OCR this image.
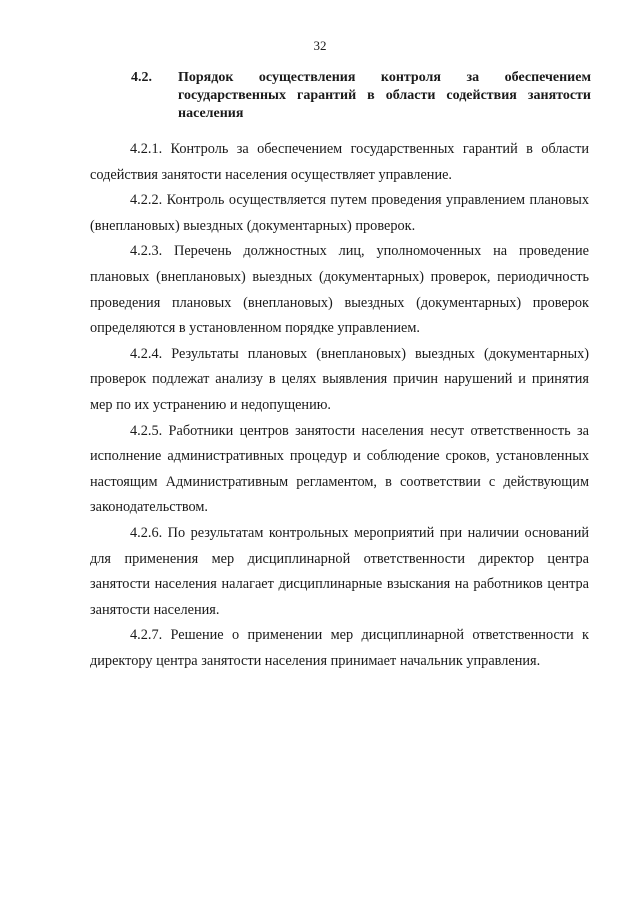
32
4.2. Порядок осуществления контроля за обеспечением государственных гарантий в области содействия занятости населения

4.2.1. Контроль за обеспечением государственных гарантий в области содействия занятости населения осуществляет управление.

4.2.2. Контроль осуществляется путем проведения управлением плановых (внеплановых) выездных (документарных) проверок.

4.2.3. Перечень должностных лиц, уполномоченных на проведение плановых (внеплановых) выездных (документарных) проверок, периодичность проведения плановых (внеплановых) выездных (документарных) проверок определяются в установленном порядке управлением.

4.2.4. Результаты плановых (внеплановых) выездных (документарных) проверок подлежат анализу в целях выявления причин нарушений и принятия мер по их устранению и недопущению.

4.2.5. Работники центров занятости населения несут ответственность за исполнение административных процедур и соблюдение сроков, установленных настоящим Административным регламентом, в соответствии с действующим законодательством.

4.2.6. По результатам контрольных мероприятий при наличии оснований для применения мер дисциплинарной ответственности директор центра занятости населения налагает дисциплинарные взыскания на работников центра занятости населения.

4.2.7. Решение о применении мер дисциплинарной ответственности к директору центра занятости населения принимает начальник управления.
